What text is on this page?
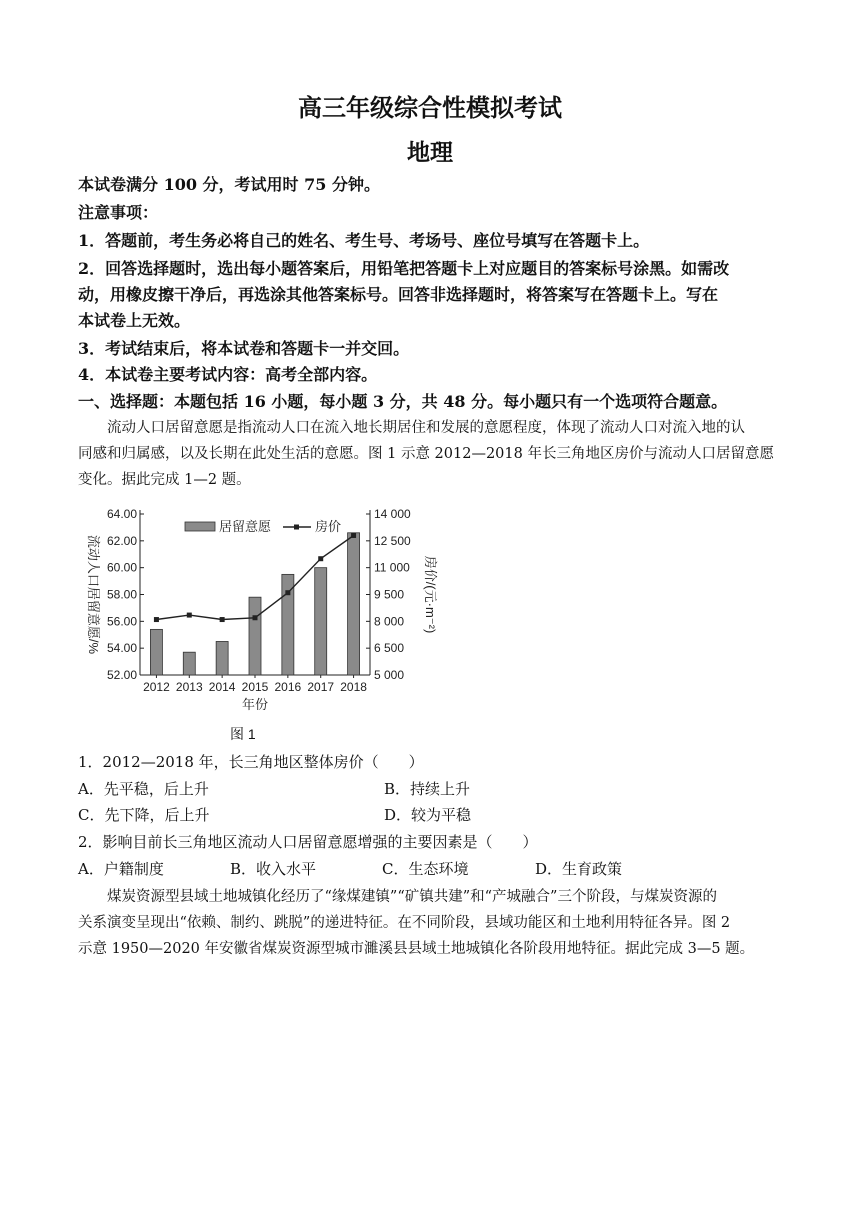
高三年级综合性模拟考试
地理

本试卷满分 100 分，考试用时 75 分钟。

注意事项：

1．答题前，考生务必将自己的姓名、考生号、考场号、座位号填写在答题卡上。

2．回答选择题时，选出每小题答案后，用铅笔把答题卡上对应题目的答案标号涂黑。如需改

动，用橡皮擦干净后，再选涂其他答案标号。回答非选择题时，将答案写在答题卡上。写在

本试卷上无效。

3．考试结束后，将本试卷和答题卡一并交回。

4．本试卷主要考试内容：高考全部内容。

一、选择题：本题包括 16 小题，每小题 3 分，共 48 分。每小题只有一个选项符合题意。

流动人口居留意愿是指流动人口在流入地长期居住和发展的意愿程度，体现了流动人口对流入地的认

同感和归属感，以及长期在此处生活的意愿。图 1 示意 2012—2018 年长三角地区房价与流动人口居留意愿

变化。据此完成 1—2 题。

52.00
54.00
56.00
58.00
60.00
62.00
64.00
5 000
6 500
8 000
9 500
11 000
12 500
14 000
2012 2013 2014 2015 2016 2017 2018
年份
流动人口居留意愿/%	房价/(元·m⁻²)
居留意愿	房价

图 1

1．2012—2018 年，长三角地区整体房价（　　）

A．先平稳，后上升	B．持续上升

C．先下降，后上升	D．较为平稳

2．影响目前长三角地区流动人口居留意愿增强的主要因素是（　　）

A．户籍制度	B．收入水平	C．生态环境	D．生育政策

煤炭资源型县域土地城镇化经历了“缘煤建镇”“矿镇共建”和“产城融合”三个阶段，与煤炭资源的

关系演变呈现出“依赖、制约、跳脱”的递进特征。在不同阶段，县域功能区和土地利用特征各异。图 2

示意 1950—2020 年安徽省煤炭资源型城市濉溪县县域土地城镇化各阶段用地特征。据此完成 3—5 题。
